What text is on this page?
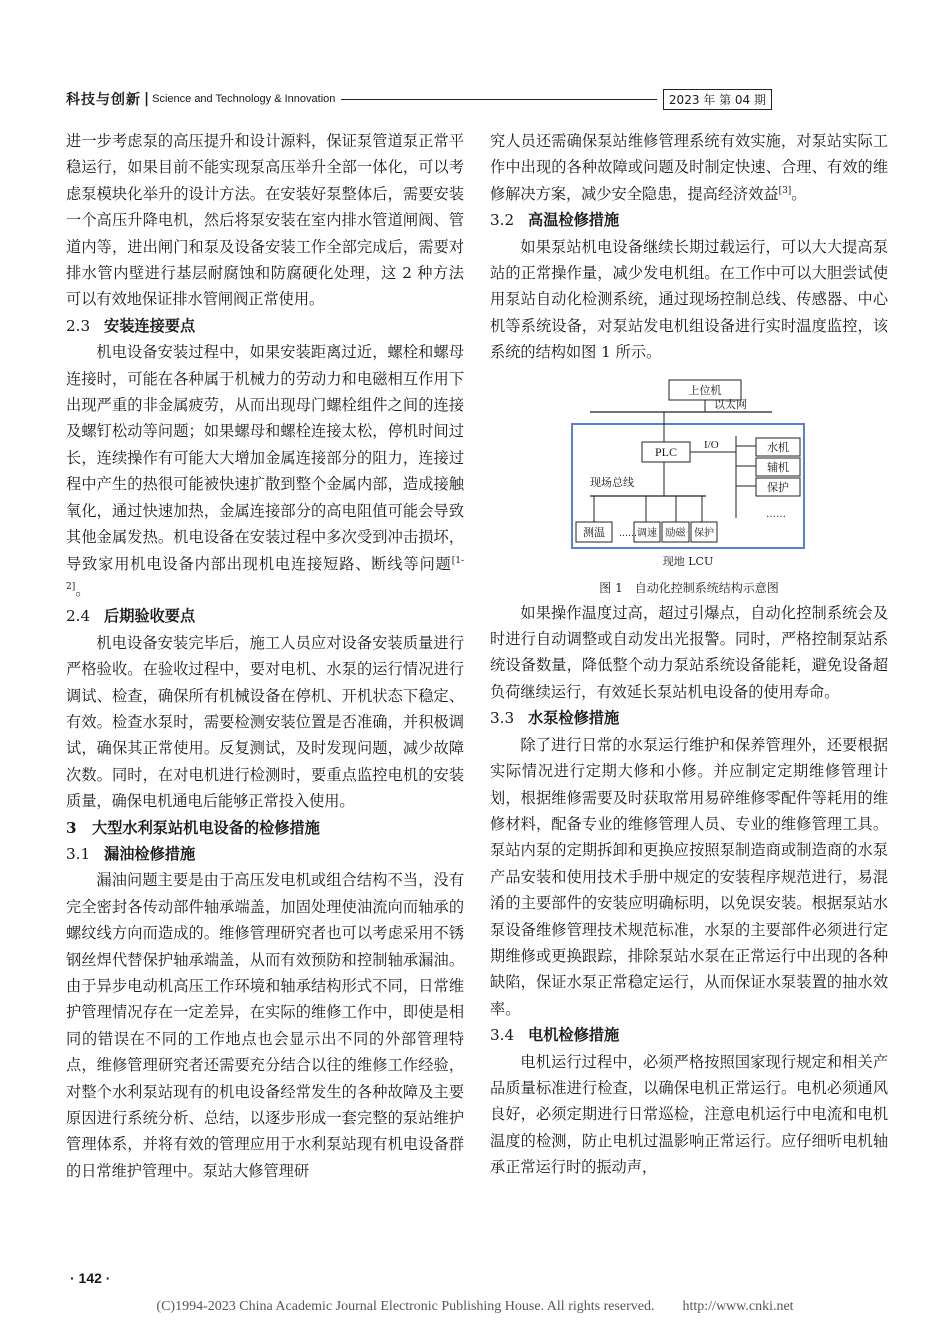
科技与创新 | Science and Technology & Innovation	2023 年 第 04 期

进一步考虑泵的高压提升和设计源料，保证泵管道泵正常平稳运行，如果目前不能实现泵高压举升全部一体化，可以考虑泵模块化举升的设计方法。在安装好泵整体后，需要安装一个高压升降电机，然后将泵安装在室内排水管道闸阀、管道内等，进出闸门和泵及设备安装工作全部完成后，需要对排水管内壁进行基层耐腐蚀和防腐硬化处理，这 2 种方法可以有效地保证排水管闸阀正常使用。

2.3 安装连接要点

机电设备安装过程中，如果安装距离过近，螺栓和螺母连接时，可能在各种属于机械力的劳动力和电磁相互作用下出现严重的非金属疲劳，从而出现母门螺栓组件之间的连接及螺钉松动等问题；如果螺母和螺栓连接太松，停机时间过长，连续操作有可能大大增加金属连接部分的阻力，连接过程中产生的热很可能被快速扩散到整个金属内部，造成接触氧化，通过快速加热，金属连接部分的高电阻值可能会导致其他金属发热。机电设备在安装过程中多次受到冲击损坏，导致家用机电设备内部出现机电连接短路、断线等问题[1-2]。

2.4 后期验收要点

机电设备安装完毕后，施工人员应对设备安装质量进行严格验收。在验收过程中，要对电机、水泵的运行情况进行调试、检查，确保所有机械设备在停机、开机状态下稳定、有效。检查水泵时，需要检测安装位置是否准确，并积极调试，确保其正常使用。反复测试，及时发现问题，减少故障次数。同时，在对电机进行检测时，要重点监控电机的安装质量，确保电机通电后能够正常投入使用。

3 大型水利泵站机电设备的检修措施
3.1 漏油检修措施

漏油问题主要是由于高压发电机或组合结构不当，没有完全密封各传动部件轴承端盖，加固处理使油流向而轴承的螺纹线方向而造成的。维修管理研究者也可以考虑采用不锈钢丝焊代替保护轴承端盖，从而有效预防和控制轴承漏油。由于异步电动机高压工作环境和轴承结构形式不同，日常维护管理情况存在一定差异，在实际的维修工作中，即使是相同的错误在不同的工作地点也会显示出不同的外部管理特点，维修管理研究者还需要充分结合以往的维修工作经验，对整个水利泵站现有的机电设备经常发生的各种故障及主要原因进行系统分析、总结，以逐步形成一套完整的泵站维护管理体系，并将有效的管理应用于水利泵站现有机电设备群的日常维护管理中。泵站大修管理研

究人员还需确保泵站维修管理系统有效实施，对泵站实际工作中出现的各种故障或问题及时制定快速、合理、有效的维修解决方案，减少安全隐患，提高经济效益[3]。

3.2 高温检修措施

如果泵站机电设备继续长期过载运行，可以大大提高泵站的正常操作量，减少发电机组。在工作中可以大胆尝试使用泵站自动化检测系统，通过现场控制总线、传感器、中心机等系统设备，对泵站发电机组设备进行实时温度监控，该系统的结构如图 1 所示。

上位机
以太网
PLC I/O	水机
辅机
保护
……
现场总线
测温 …… 调速 励磁 保护
现地 LCU
图 1　自动化控制系统结构示意图

如果操作温度过高，超过引爆点，自动化控制系统会及时进行自动调整或自动发出光报警。同时，严格控制泵站系统设备数量，降低整个动力泵站系统设备能耗，避免设备超负荷继续运行，有效延长泵站机电设备的使用寿命。

3.3 水泵检修措施

除了进行日常的水泵运行维护和保养管理外，还要根据实际情况进行定期大修和小修。并应制定定期维修管理计划，根据维修需要及时获取常用易碎维修零配件等耗用的维修材料，配备专业的维修管理人员、专业的维修管理工具。泵站内泵的定期拆卸和更换应按照泵制造商或制造商的水泵产品安装和使用技术手册中规定的安装程序规范进行，易混淆的主要部件的安装应明确标明，以免误安装。根据泵站水泵设备维修管理技术规范标准，水泵的主要部件必须进行定期维修或更换跟踪，排除泵站水泵在正常运行中出现的各种缺陷，保证水泵正常稳定运行，从而保证水泵装置的抽水效率。

3.4 电机检修措施

电机运行过程中，必须严格按照国家现行规定和相关产品质量标准进行检查，以确保电机正常运行。电机必须通风良好，必须定期进行日常巡检，注意电机运行中电流和电机温度的检测，防止电机过温影响正常运行。应仔细听电机轴承正常运行时的振动声，

· 142 ·
(C)1994-2023 China Academic Journal Electronic Publishing House. All rights reserved.　　http://www.cnki.net
